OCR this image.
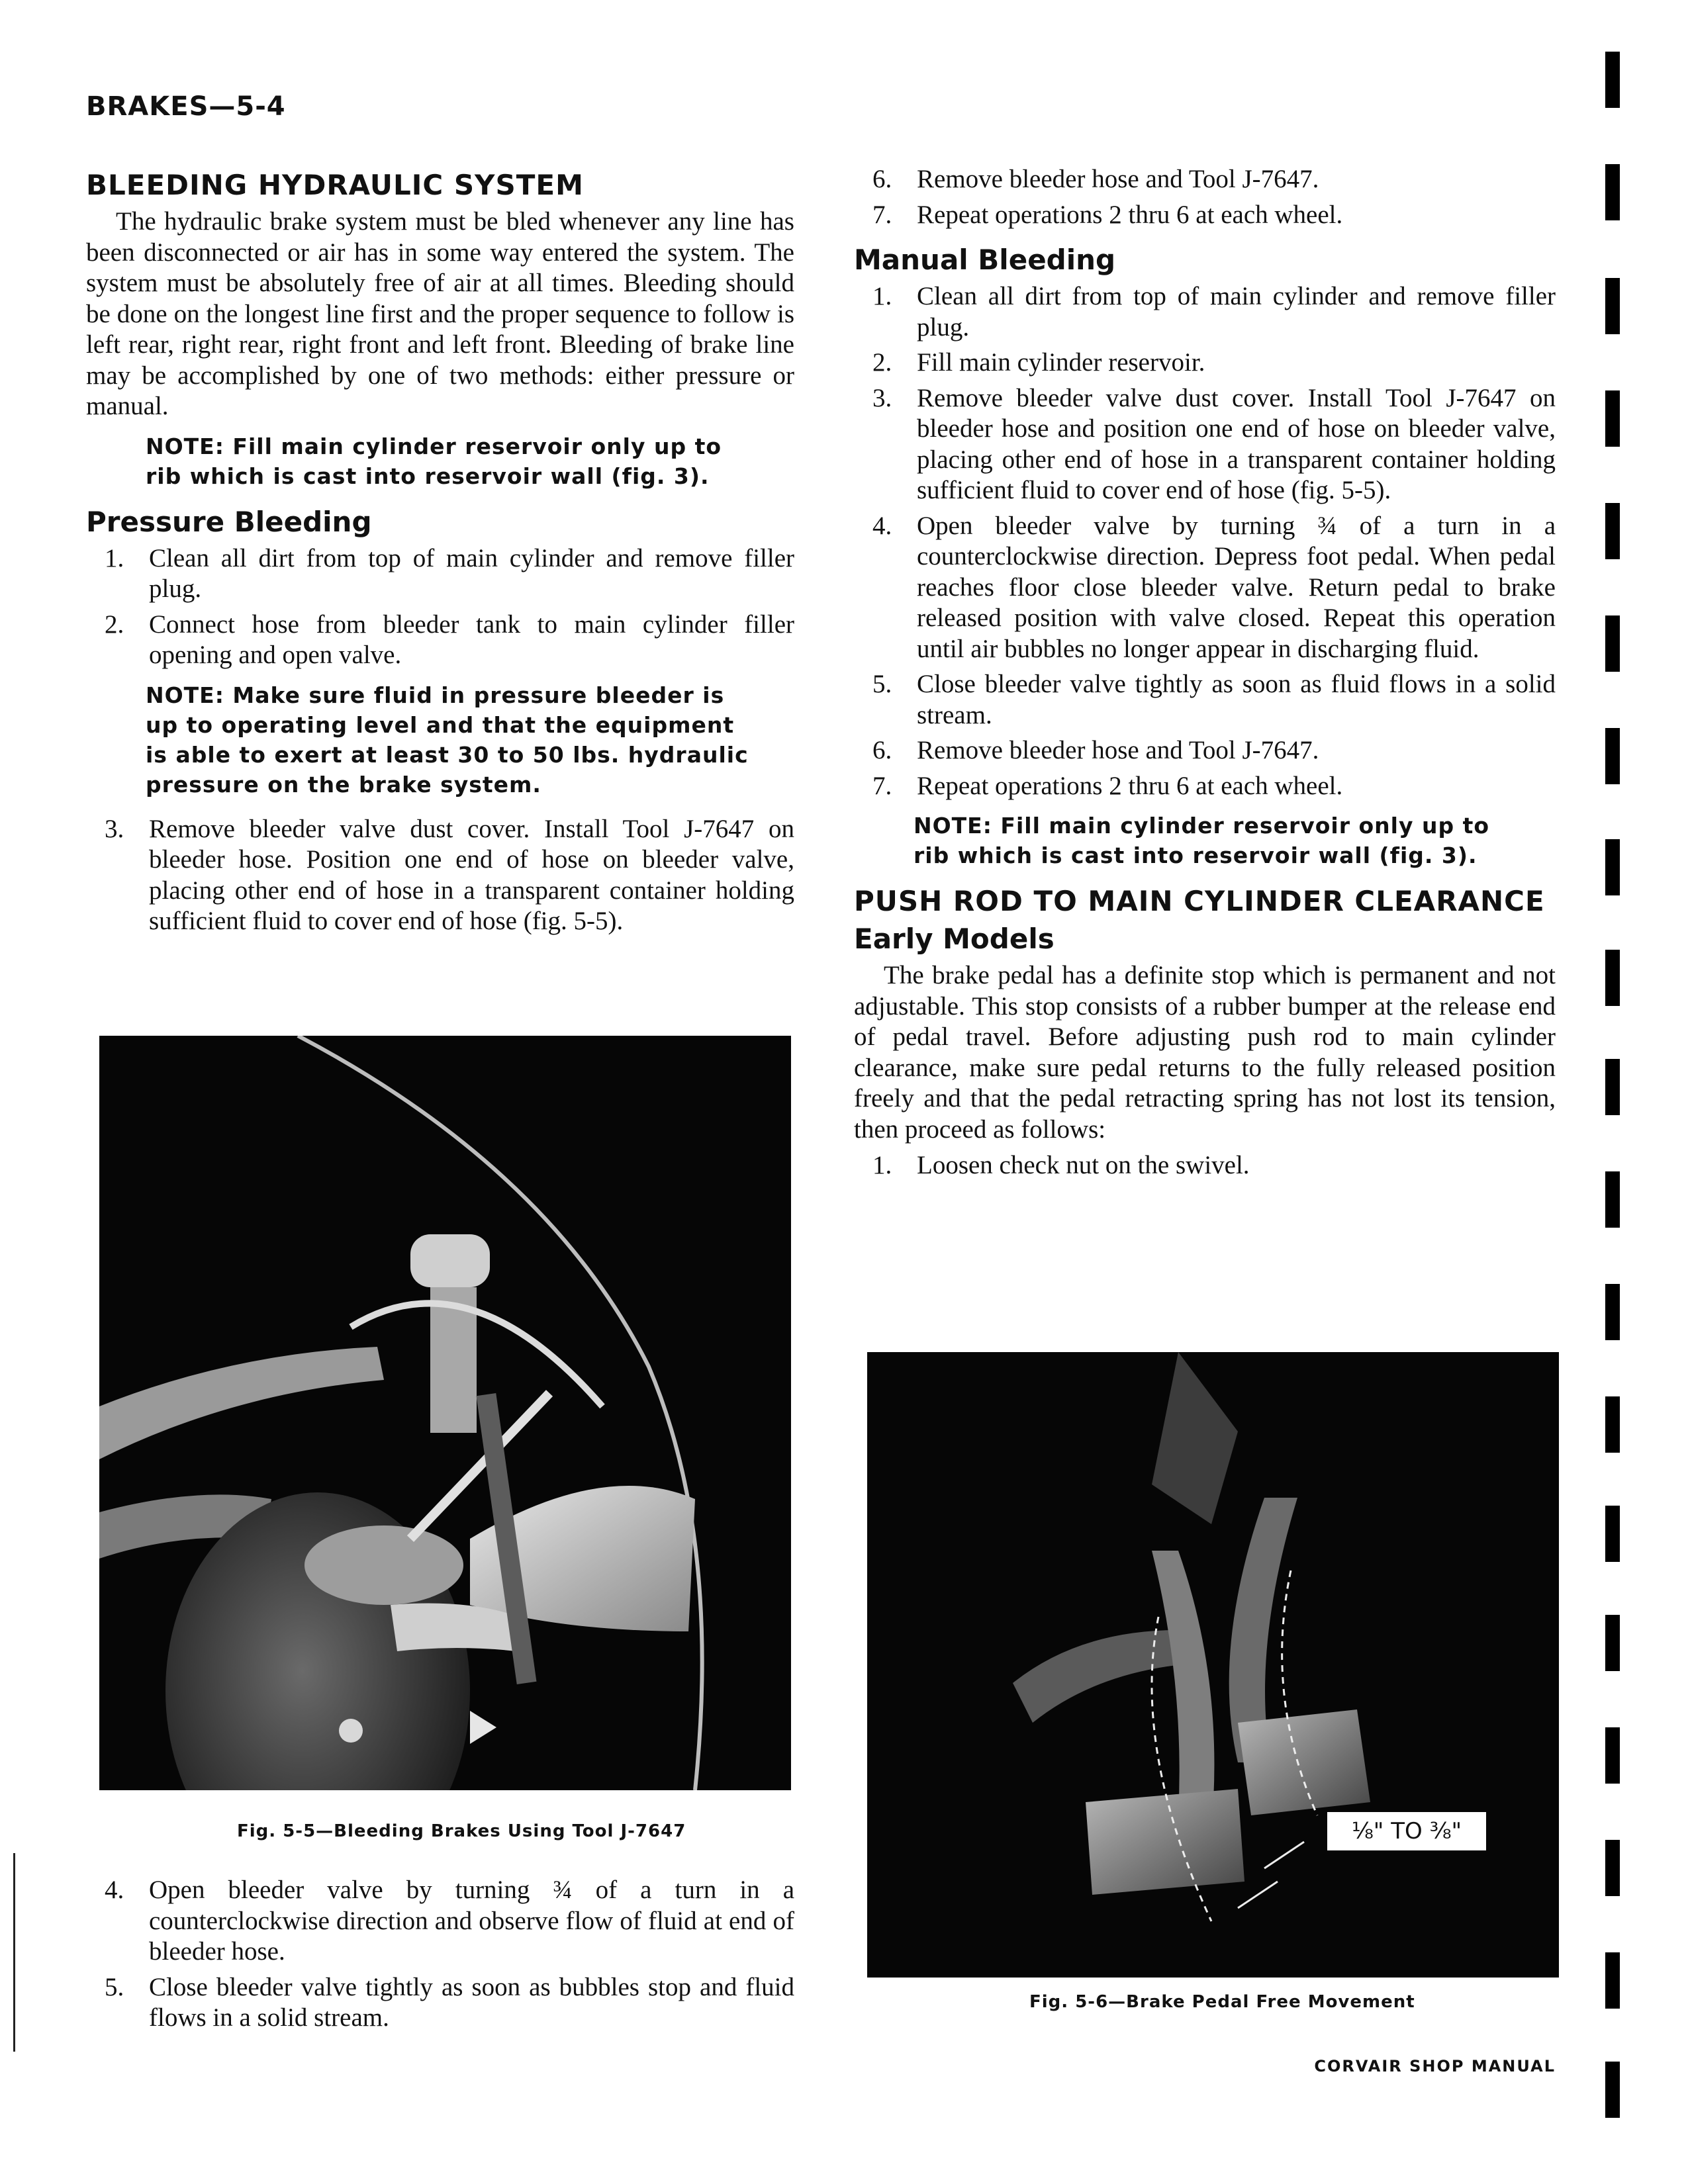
BRAKES—5-4
BLEEDING HYDRAULIC SYSTEM

The hydraulic brake system must be bled whenever any line has been disconnected or air has in some way entered the system. The system must be absolutely free of air at all times. Bleeding should be done on the longest line first and the proper sequence to follow is left rear, right rear, right front and left front. Bleeding of brake line may be accomplished by one of two methods: either pressure or manual.

NOTE: Fill main cylinder reservoir only up to rib which is cast into reservoir wall (fig. 3).
Pressure Bleeding
1. Clean all dirt from top of main cylinder and remove filler plug.
2. Connect hose from bleeder tank to main cylinder filler opening and open valve.
NOTE: Make sure fluid in pressure bleeder is up to operating level and that the equipment is able to exert at least 30 to 50 lbs. hydraulic pressure on the brake system.
3. Remove bleeder valve dust cover. Install Tool J-7647 on bleeder hose. Position one end of hose on bleeder valve, placing other end of hose in a transparent container holding sufficient fluid to cover end of hose (fig. 5-5).
Fig. 5-5—Bleeding Brakes Using Tool J-7647
4. Open bleeder valve by turning ¾ of a turn in a counterclockwise direction and observe flow of fluid at end of bleeder hose.
5. Close bleeder valve tightly as soon as bubbles stop and fluid flows in a solid stream.
6. Remove bleeder hose and Tool J-7647.
7. Repeat operations 2 thru 6 at each wheel.
Manual Bleeding
1. Clean all dirt from top of main cylinder and remove filler plug.
2. Fill main cylinder reservoir.
3. Remove bleeder valve dust cover. Install Tool J-7647 on bleeder hose and position one end of hose on bleeder valve, placing other end of hose in a transparent container holding sufficient fluid to cover end of hose (fig. 5-5).
4. Open bleeder valve by turning ¾ of a turn in a counterclockwise direction. Depress foot pedal. When pedal reaches floor close bleeder valve. Return pedal to brake released position with valve closed. Repeat this operation until air bubbles no longer appear in discharging fluid.
5. Close bleeder valve tightly as soon as fluid flows in a solid stream.
6. Remove bleeder hose and Tool J-7647.
7. Repeat operations 2 thru 6 at each wheel.
NOTE: Fill main cylinder reservoir only up to rib which is cast into reservoir wall (fig. 3).
PUSH ROD TO MAIN CYLINDER CLEARANCE
Early Models

The brake pedal has a definite stop which is permanent and not adjustable. This stop consists of a rubber bumper at the release end of pedal travel. Before adjusting push rod to main cylinder clearance, make sure pedal returns to the fully released position freely and that the pedal retracting spring has not lost its tension, then proceed as follows:

1. Loosen check nut on the swivel.
⅛" TO ⅜"
Fig. 5-6—Brake Pedal Free Movement
CORVAIR SHOP MANUAL
